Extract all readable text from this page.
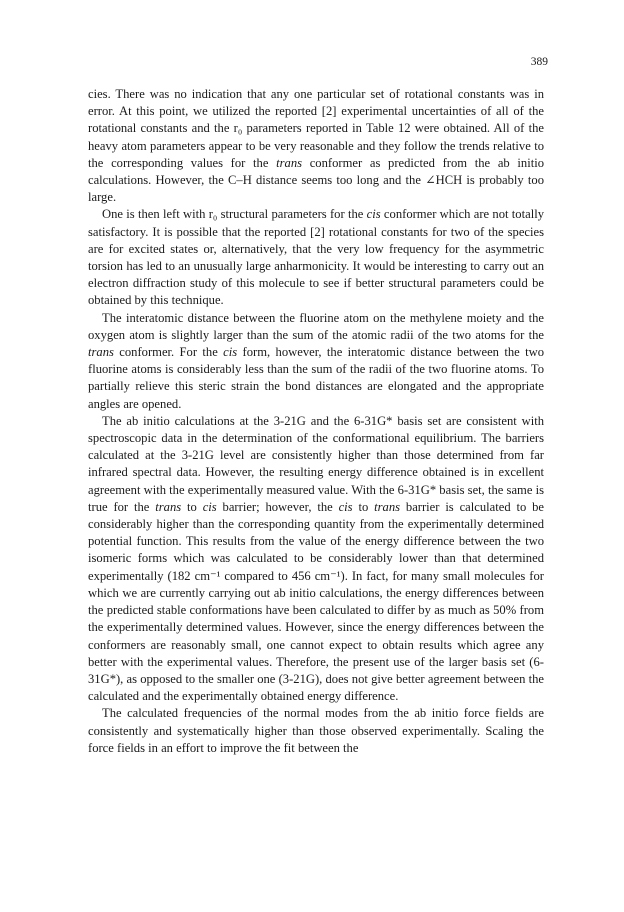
389

cies. There was no indication that any one particular set of rotational constants was in error. At this point, we utilized the reported [2] experimental uncertainties of all of the rotational constants and the r₀ parameters reported in Table 12 were obtained. All of the heavy atom parameters appear to be very reasonable and they follow the trends relative to the corresponding values for the trans conformer as predicted from the ab initio calculations. However, the C–H distance seems too long and the ∠HCH is probably too large.

One is then left with r₀ structural parameters for the cis conformer which are not totally satisfactory. It is possible that the reported [2] rotational constants for two of the species are for excited states or, alternatively, that the very low frequency for the asymmetric torsion has led to an unusually large anharmonicity. It would be interesting to carry out an electron diffraction study of this molecule to see if better structural parameters could be obtained by this technique.

The interatomic distance between the fluorine atom on the methylene moiety and the oxygen atom is slightly larger than the sum of the atomic radii of the two atoms for the trans conformer. For the cis form, however, the interatomic distance between the two fluorine atoms is considerably less than the sum of the radii of the two fluorine atoms. To partially relieve this steric strain the bond distances are elongated and the appropriate angles are opened.

The ab initio calculations at the 3-21G and the 6-31G* basis set are consistent with spectroscopic data in the determination of the conformational equilibrium. The barriers calculated at the 3-21G level are consistently higher than those determined from far infrared spectral data. However, the resulting energy difference obtained is in excellent agreement with the experimentally measured value. With the 6-31G* basis set, the same is true for the trans to cis barrier; however, the cis to trans barrier is calculated to be considerably higher than the corresponding quantity from the experimentally determined potential function. This results from the value of the energy difference between the two isomeric forms which was calculated to be considerably lower than that determined experimentally (182 cm⁻¹ compared to 456 cm⁻¹). In fact, for many small molecules for which we are currently carrying out ab initio calculations, the energy differences between the predicted stable conformations have been calculated to differ by as much as 50% from the experimentally determined values. However, since the energy differences between the conformers are reasonably small, one cannot expect to obtain results which agree any better with the experimental values. Therefore, the present use of the larger basis set (6-31G*), as opposed to the smaller one (3-21G), does not give better agreement between the calculated and the experimentally obtained energy difference.

The calculated frequencies of the normal modes from the ab initio force fields are consistently and systematically higher than those observed experimentally. Scaling the force fields in an effort to improve the fit between the
